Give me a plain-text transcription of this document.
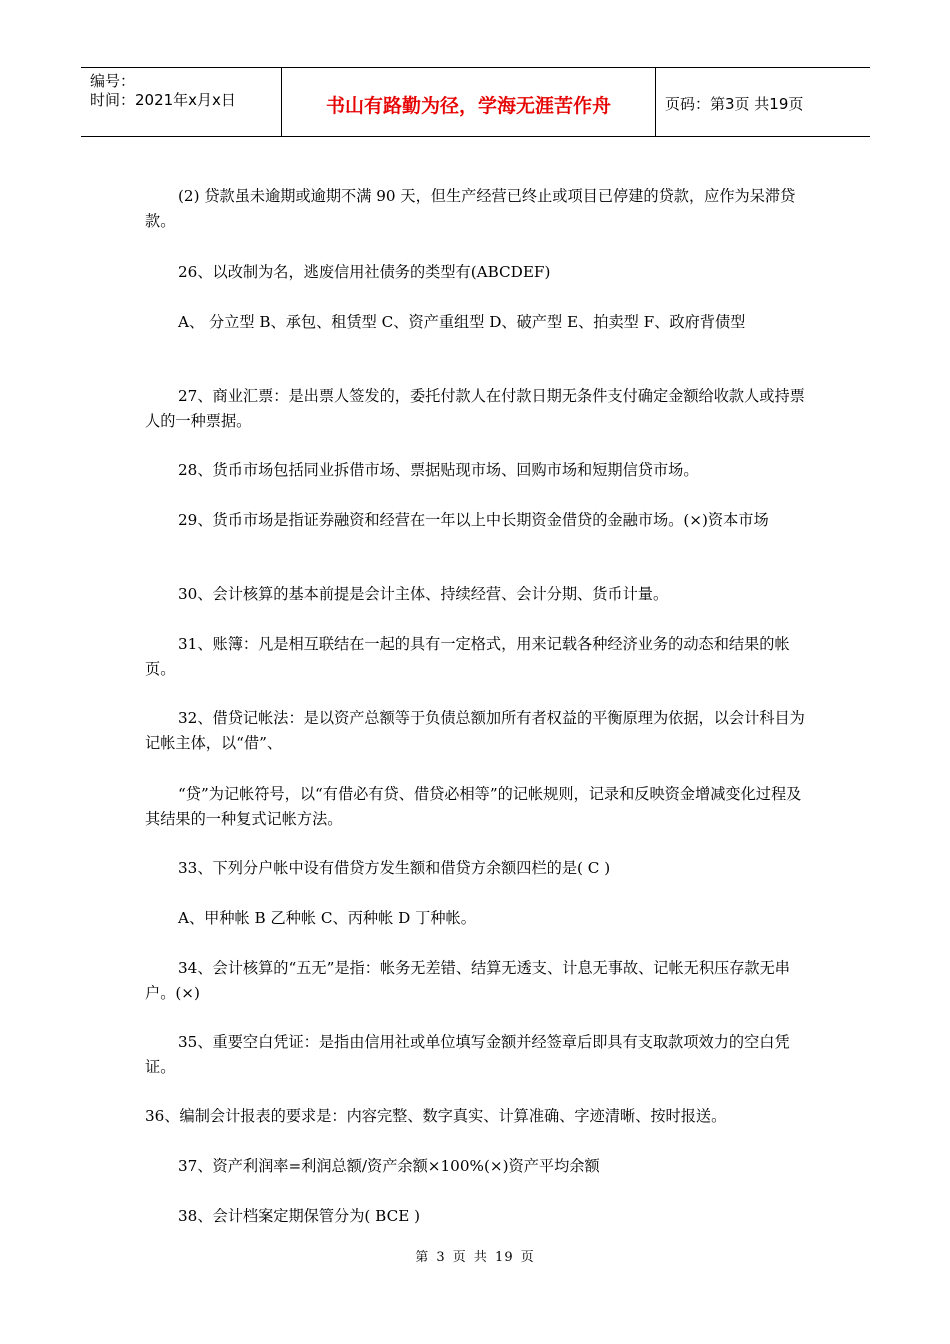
编号：
时间：2021年x月x日	书山有路勤为径，学海无涯苦作舟	页码：第3页 共19页

(2) 贷款虽未逾期或逾期不满 90 天，但生产经营已终止或项目已停建的贷款，应作为呆滞贷款。

26、以改制为名，逃废信用社债务的类型有(ABCDEF)

A、 分立型 B、承包、租赁型 C、资产重组型 D、破产型 E、拍卖型 F、政府背债型

27、商业汇票：是出票人签发的，委托付款人在付款日期无条件支付确定金额给收款人或持票人的一种票据。

28、货币市场包括同业拆借市场、票据贴现市场、回购市场和短期信贷市场。

29、货币市场是指证券融资和经营在一年以上中长期资金借贷的金融市场。(×)资本市场

30、会计核算的基本前提是会计主体、持续经营、会计分期、货币计量。

31、账簿：凡是相互联结在一起的具有一定格式，用来记载各种经济业务的动态和结果的帐页。

32、借贷记帐法：是以资产总额等于负债总额加所有者权益的平衡原理为依据，以会计科目为记帐主体，以“借”、

“贷”为记帐符号，以“有借必有贷、借贷必相等”的记帐规则，记录和反映资金增减变化过程及其结果的一种复式记帐方法。

33、下列分户帐中设有借贷方发生额和借贷方余额四栏的是( C )

A、甲种帐 B 乙种帐 C、丙种帐 D 丁种帐。

34、会计核算的“五无”是指：帐务无差错、结算无透支、计息无事故、记帐无积压存款无串户。(×)

35、重要空白凭证：是指由信用社或单位填写金额并经签章后即具有支取款项效力的空白凭证。

36、编制会计报表的要求是：内容完整、数字真实、计算准确、字迹清晰、按时报送。

37、资产利润率=利润总额/资产余额×100%(×)资产平均余额

38、会计档案定期保管分为( BCE )

第 3 页 共 19 页
